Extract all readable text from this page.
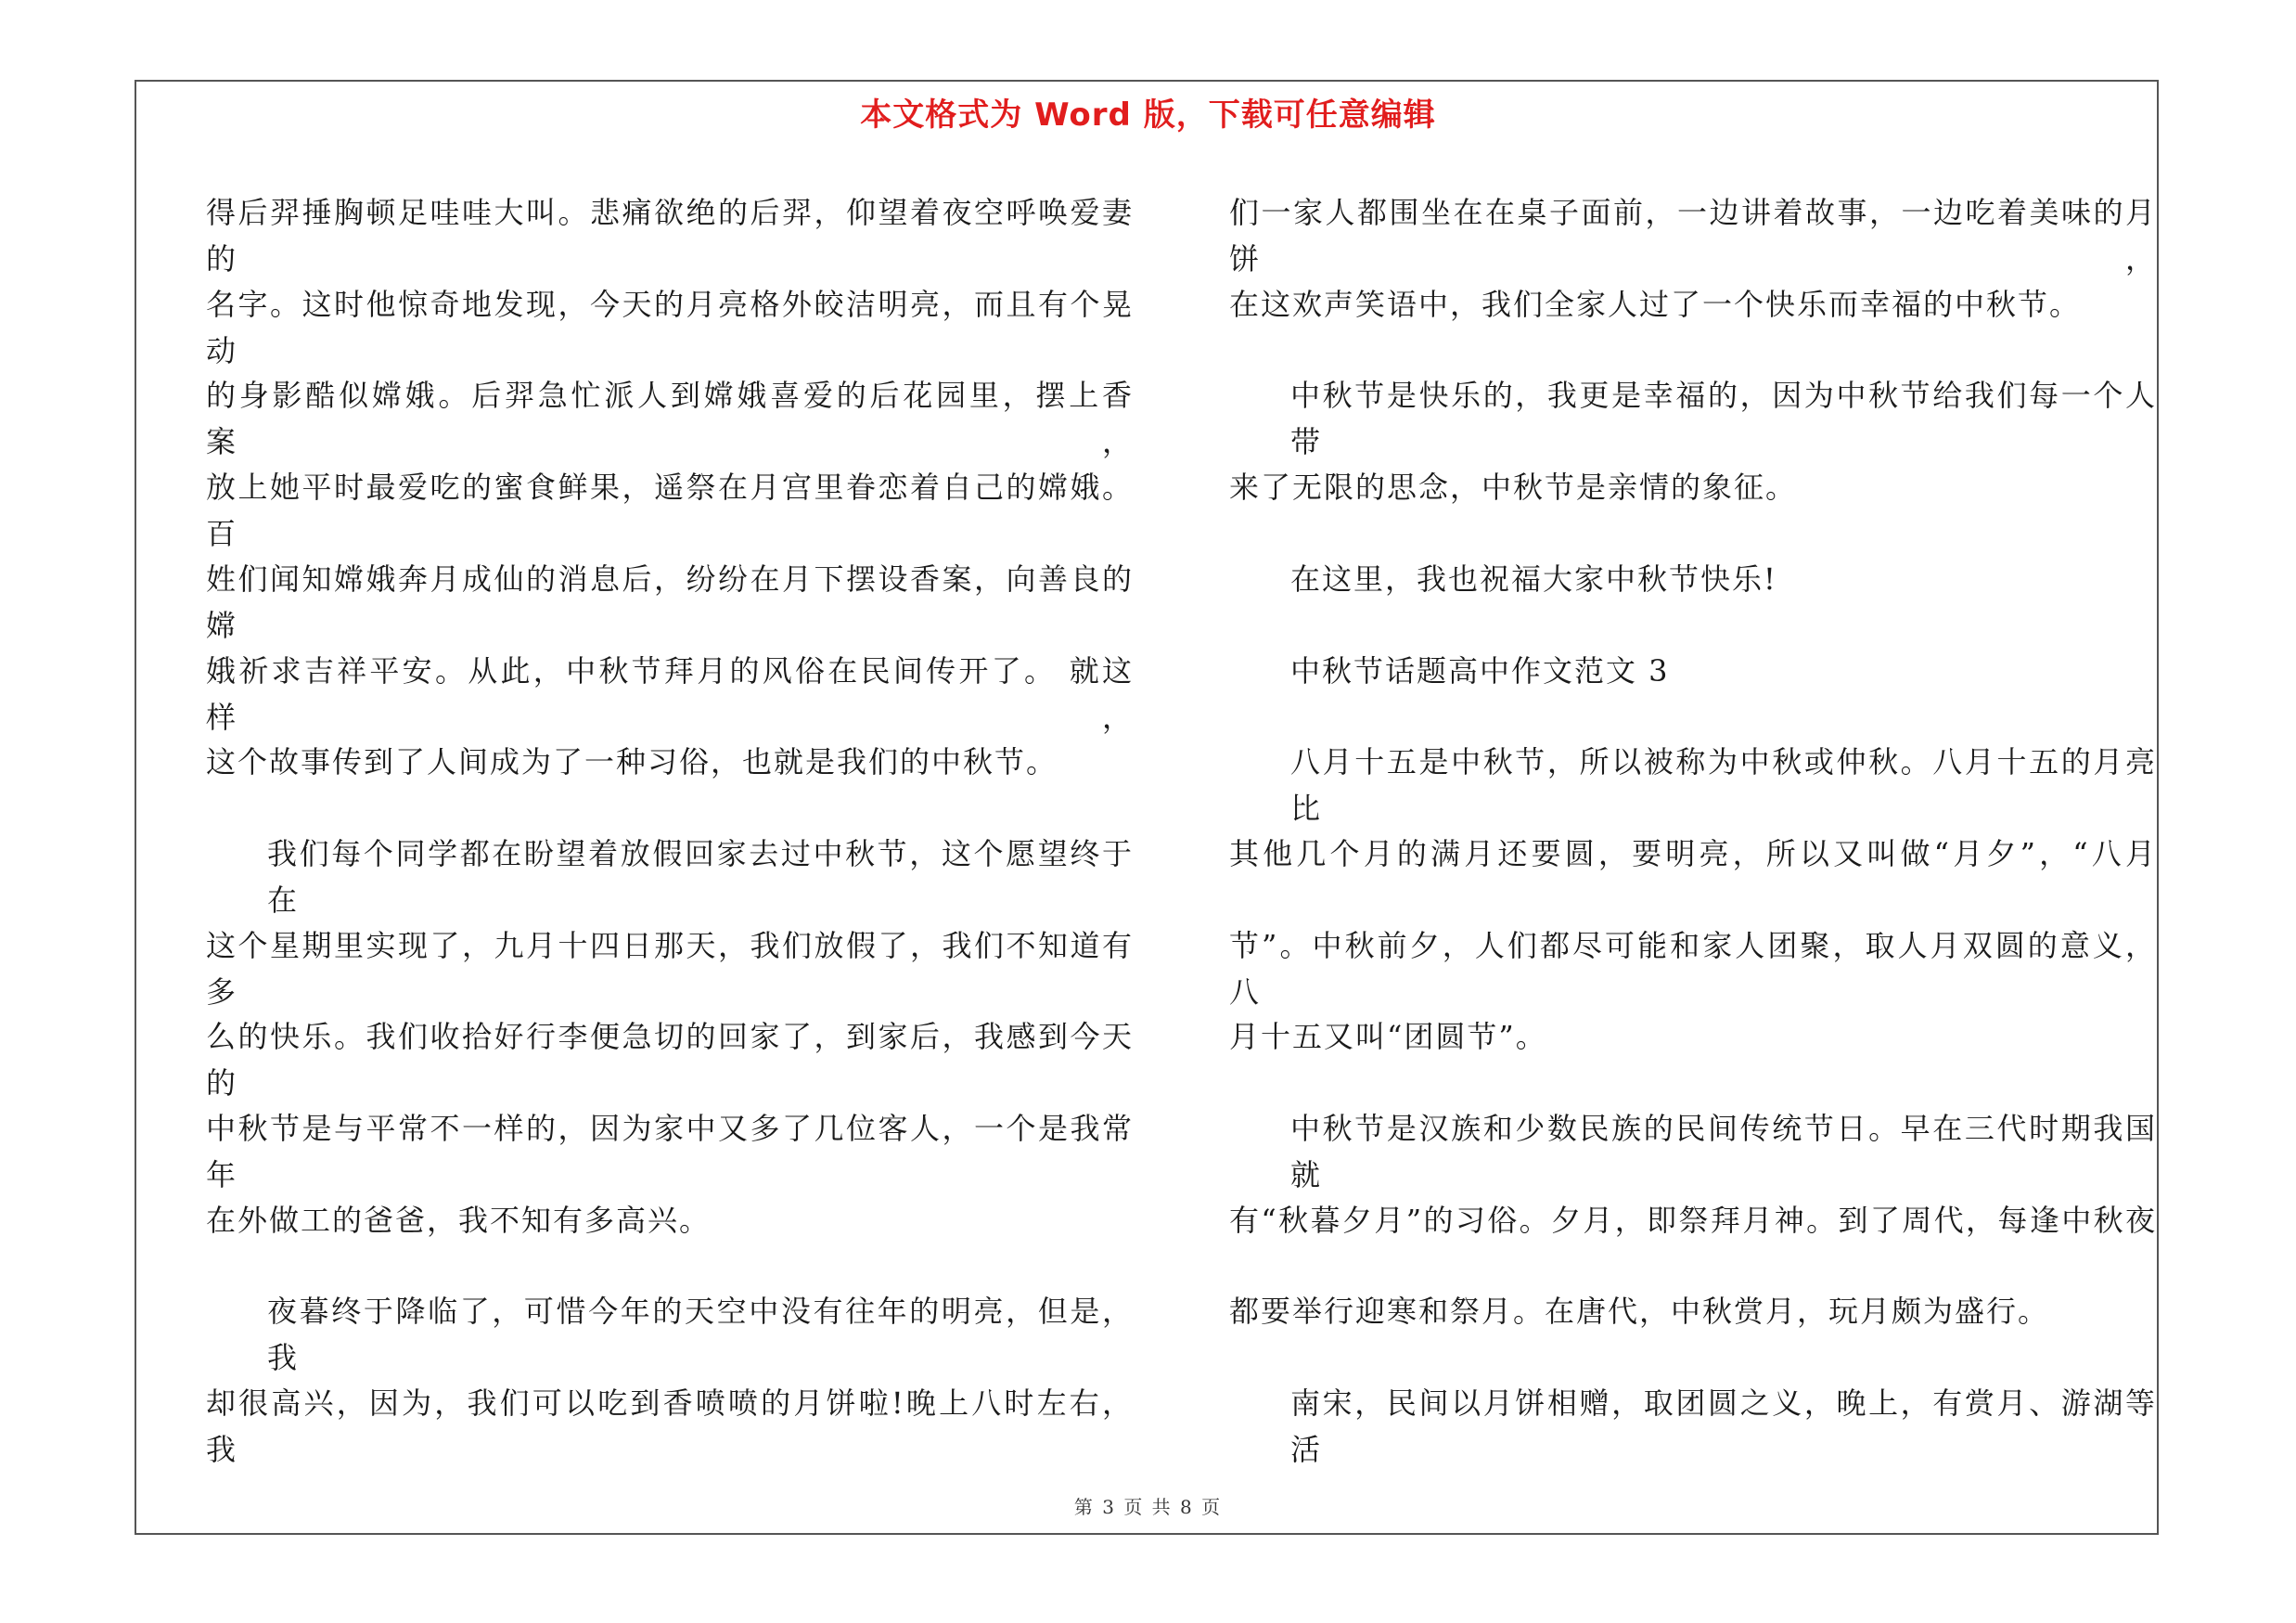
本文格式为 Word 版，下载可任意编辑
得后羿捶胸顿足哇哇大叫。悲痛欲绝的后羿，仰望着夜空呼唤爱妻的
名字。这时他惊奇地发现，今天的月亮格外皎洁明亮，而且有个晃动
的身影酷似嫦娥。后羿急忙派人到嫦娥喜爱的后花园里，摆上香案，
放上她平时最爱吃的蜜食鲜果，遥祭在月宫里眷恋着自己的嫦娥。百
姓们闻知嫦娥奔月成仙的消息后，纷纷在月下摆设香案，向善良的嫦
娥祈求吉祥平安。从此，中秋节拜月的风俗在民间传开了。 就这样，
这个故事传到了人间成为了一种习俗，也就是我们的中秋节。
我们每个同学都在盼望着放假回家去过中秋节，这个愿望终于在
这个星期里实现了，九月十四日那天，我们放假了，我们不知道有多
么的快乐。我们收拾好行李便急切的回家了，到家后，我感到今天的
中秋节是与平常不一样的，因为家中又多了几位客人，一个是我常年
在外做工的爸爸，我不知有多高兴。
夜暮终于降临了，可惜今年的天空中没有往年的明亮，但是，我
却很高兴，因为，我们可以吃到香喷喷的月饼啦!晚上八时左右，我
们一家人都围坐在在桌子面前，一边讲着故事，一边吃着美味的月饼，
在这欢声笑语中，我们全家人过了一个快乐而幸福的中秋节。
中秋节是快乐的，我更是幸福的，因为中秋节给我们每一个人带
来了无限的思念，中秋节是亲情的象征。
在这里，我也祝福大家中秋节快乐!
中秋节话题高中作文范文 3
八月十五是中秋节，所以被称为中秋或仲秋。八月十五的月亮比
其他几个月的满月还要圆，要明亮，所以又叫做“月夕”，“八月
节”。中秋前夕，人们都尽可能和家人团聚，取人月双圆的意义，八
月十五又叫“团圆节”。
中秋节是汉族和少数民族的民间传统节日。早在三代时期我国就
有“秋暮夕月”的习俗。夕月，即祭拜月神。到了周代，每逢中秋夜
都要举行迎寒和祭月。在唐代，中秋赏月，玩月颇为盛行。
南宋，民间以月饼相赠，取团圆之义，晚上，有赏月、游湖等活
第 3 页 共 8 页
